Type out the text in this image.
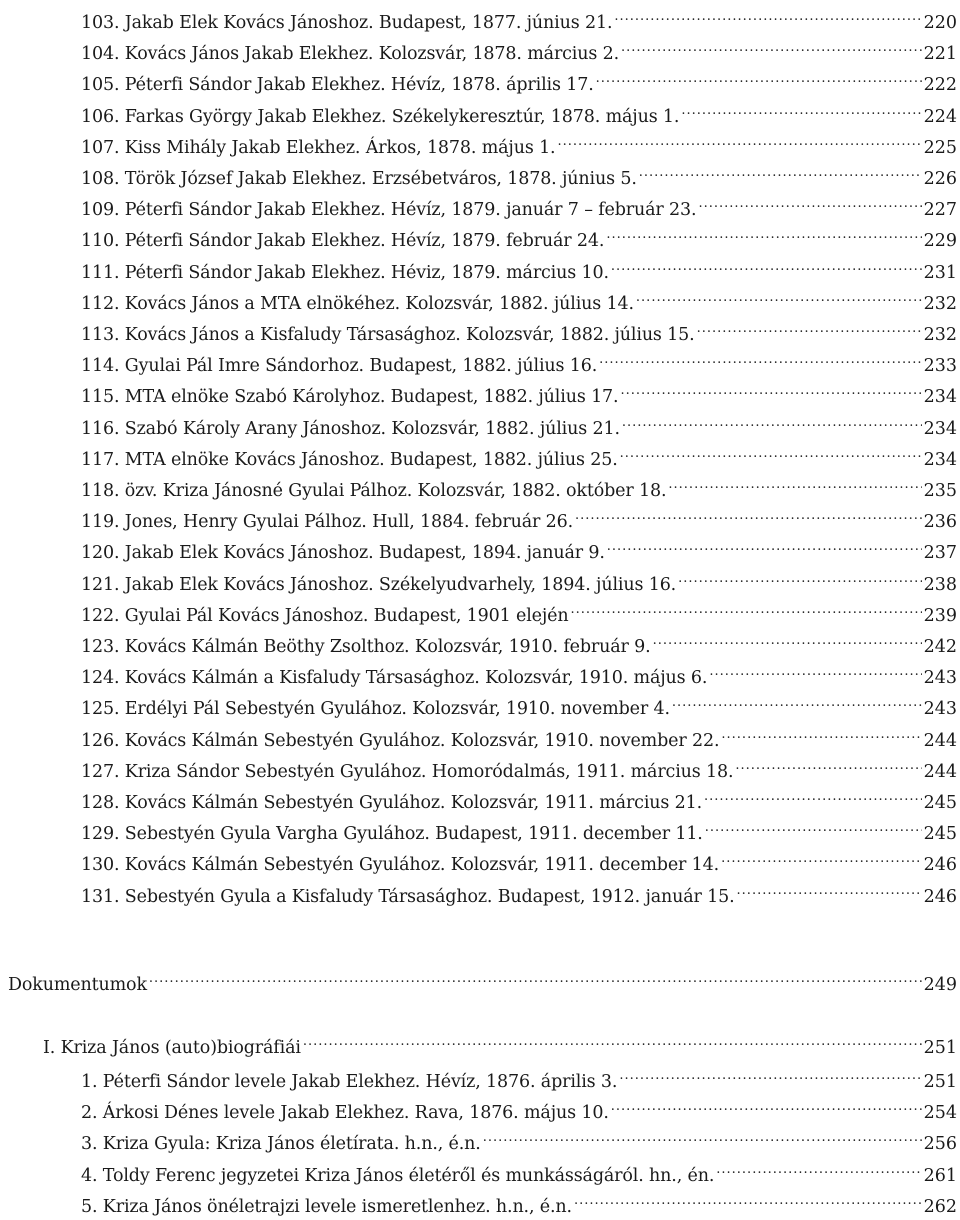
103. Jakab Elek Kovács Jánoshoz. Budapest, 1877. június 21. .....	220
104. Kovács János Jakab Elekhez. Kolozsvár, 1878. március 2. .....	221
105. Péterfi Sándor Jakab Elekhez. Hévíz, 1878. április 17. .....	222
106. Farkas György Jakab Elekhez. Székelykeresztúr, 1878. május 1. .....	224
107. Kiss Mihály Jakab Elekhez. Árkos, 1878. május 1. .....	225
108. Török József Jakab Elekhez. Erzsébetváros, 1878. június 5. .....	226
109. Péterfi Sándor Jakab Elekhez. Hévíz, 1879. január 7 – február 23. .....	227
110. Péterfi Sándor Jakab Elekhez. Hévíz, 1879. február 24. .....	229
111. Péterfi Sándor Jakab Elekhez. Héviz, 1879. március 10. .....	231
112. Kovács János a MTA elnökéhez. Kolozsvár, 1882. július 14. .....	232
113. Kovács János a Kisfaludy Társasághoz. Kolozsvár, 1882. július 15. .....	232
114. Gyulai Pál Imre Sándorhoz. Budapest, 1882. július 16. .....	233
115. MTA elnöke Szabó Károlyhoz. Budapest, 1882. július 17. .....	234
116. Szabó Károly Arany Jánoshoz. Kolozsvár, 1882. július 21. .....	234
117. MTA elnöke Kovács Jánoshoz. Budapest, 1882. július 25. .....	234
118. özv. Kriza Jánosné Gyulai Pálhoz. Kolozsvár, 1882. október 18. .....	235
119. Jones, Henry Gyulai Pálhoz. Hull, 1884. február 26. .....	236
120. Jakab Elek Kovács Jánoshoz. Budapest, 1894. január 9. .....	237
121. Jakab Elek Kovács Jánoshoz. Székelyudvarhely, 1894. július 16. .....	238
122. Gyulai Pál Kovács Jánoshoz. Budapest, 1901 elején .....	239
123. Kovács Kálmán Beöthy Zsolthoz. Kolozsvár, 1910. február 9. .....	242
124. Kovács Kálmán a Kisfaludy Társasághoz. Kolozsvár, 1910. május 6. .....	243
125. Erdélyi Pál Sebestyén Gyulához. Kolozsvár, 1910. november 4. .....	243
126. Kovács Kálmán Sebestyén Gyulához. Kolozsvár, 1910. november 22. .....	244
127. Kriza Sándor Sebestyén Gyulához. Homoródalmás, 1911. március 18. .....	244
128. Kovács Kálmán Sebestyén Gyulához. Kolozsvár, 1911. március 21. .....	245
129. Sebestyén Gyula Vargha Gyulához. Budapest, 1911. december 11. .....	245
130. Kovács Kálmán Sebestyén Gyulához. Kolozsvár, 1911. december 14. .....	246
131. Sebestyén Gyula a Kisfaludy Társasághoz. Budapest, 1912. január 15. .....	246
Dokumentumok .....	249
I. Kriza János (auto)biográfiái .....	251
1. Péterfi Sándor levele Jakab Elekhez. Hévíz, 1876. április 3. .....	251
2. Árkosi Dénes levele Jakab Elekhez. Rava, 1876. május 10. .....	254
3. Kriza Gyula: Kriza János életírata. h.n., é.n. .....	256
4. Toldy Ferenc jegyzetei Kriza János életéről és munkásságáról. hn., én. .....	261
5. Kriza János önéletrajzi levele ismeretlenhez. h.n., é.n. .....	262
